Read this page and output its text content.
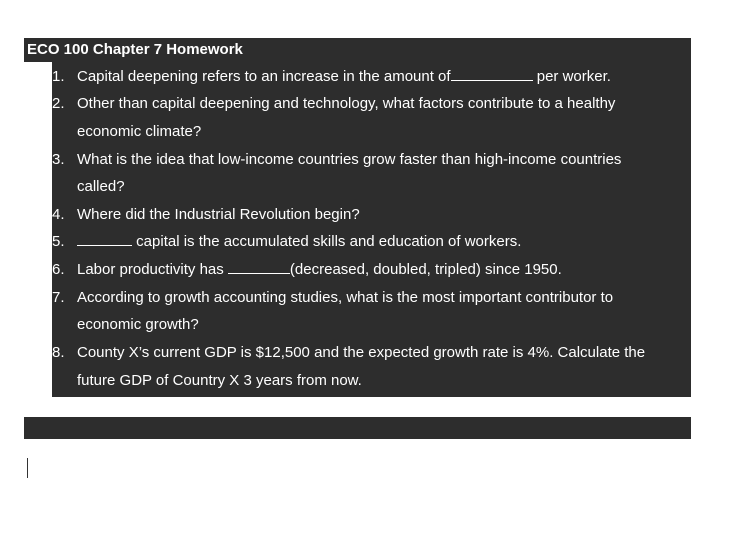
ECO 100 Chapter 7 Homework
1. Capital deepening refers to an increase in the amount of	per worker.
2. Other than capital deepening and technology, what factors contribute to a healthy
economic climate?
3. What is the idea that low-income countries grow faster than high-income countries
called?
4. Where did the Industrial Revolution begin?
5.	capital is the accumulated skills and education of workers.
6. Labor productivity has	(decreased, doubled, tripled) since 1950.
7. According to growth accounting studies, what is the most important contributor to
economic growth?
8. County X’s current GDP is $12,500 and the expected growth rate is 4%. Calculate the
future GDP of Country X 3 years from now.
